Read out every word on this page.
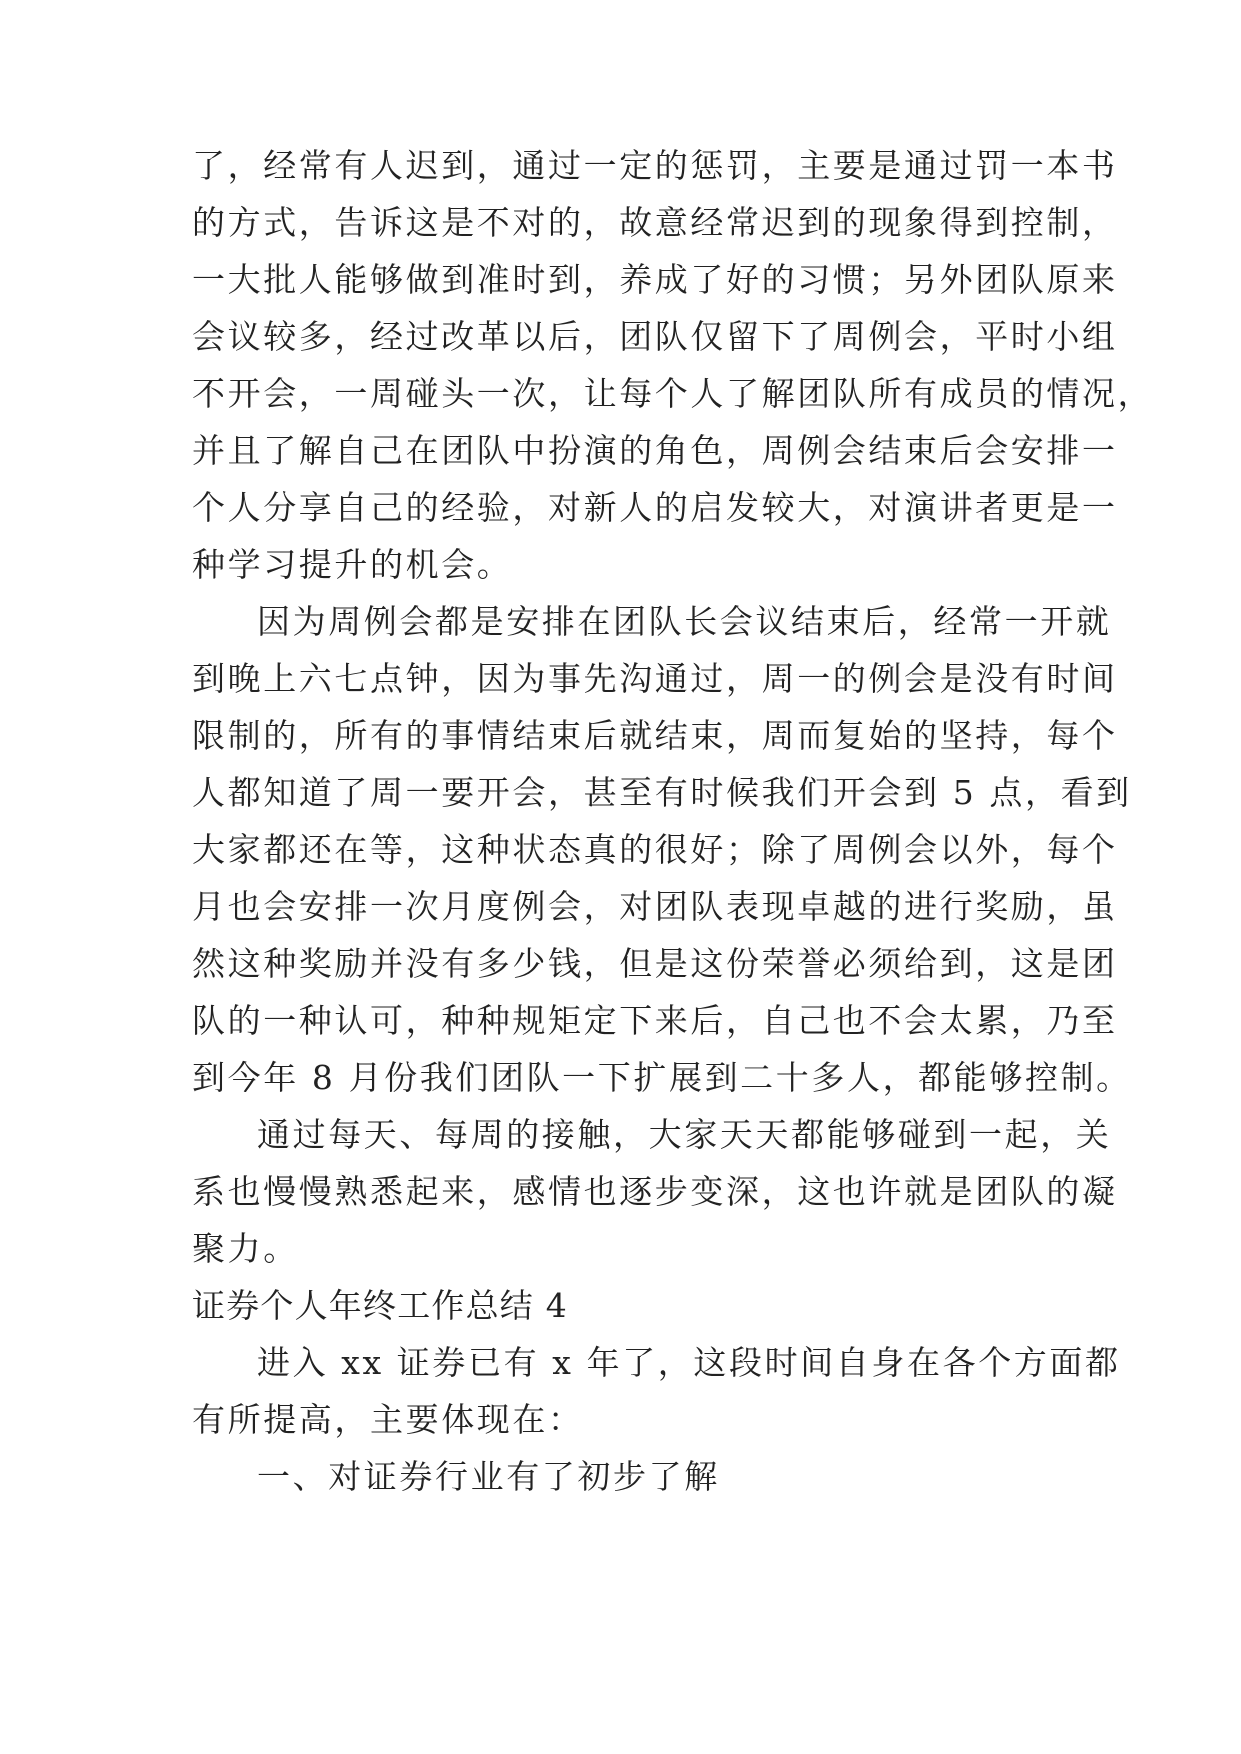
了，经常有人迟到，通过一定的惩罚，主要是通过罚一本书
的方式，告诉这是不对的，故意经常迟到的现象得到控制，
一大批人能够做到准时到，养成了好的习惯；另外团队原来
会议较多，经过改革以后，团队仅留下了周例会，平时小组
不开会，一周碰头一次，让每个人了解团队所有成员的情况，
并且了解自己在团队中扮演的角色，周例会结束后会安排一
个人分享自己的经验，对新人的启发较大，对演讲者更是一
种学习提升的机会。
因为周例会都是安排在团队长会议结束后，经常一开就
到晚上六七点钟，因为事先沟通过，周一的例会是没有时间
限制的，所有的事情结束后就结束，周而复始的坚持，每个
人都知道了周一要开会，甚至有时候我们开会到 5 点，看到
大家都还在等，这种状态真的很好；除了周例会以外，每个
月也会安排一次月度例会，对团队表现卓越的进行奖励，虽
然这种奖励并没有多少钱，但是这份荣誉必须给到，这是团
队的一种认可，种种规矩定下来后，自己也不会太累，乃至
到今年 8 月份我们团队一下扩展到二十多人，都能够控制。
通过每天、每周的接触，大家天天都能够碰到一起，关
系也慢慢熟悉起来，感情也逐步变深，这也许就是团队的凝
聚力。
证券个人年终工作总结 4
进入 xx 证券已有 x 年了，这段时间自身在各个方面都
有所提高，主要体现在：
一、对证券行业有了初步了解
